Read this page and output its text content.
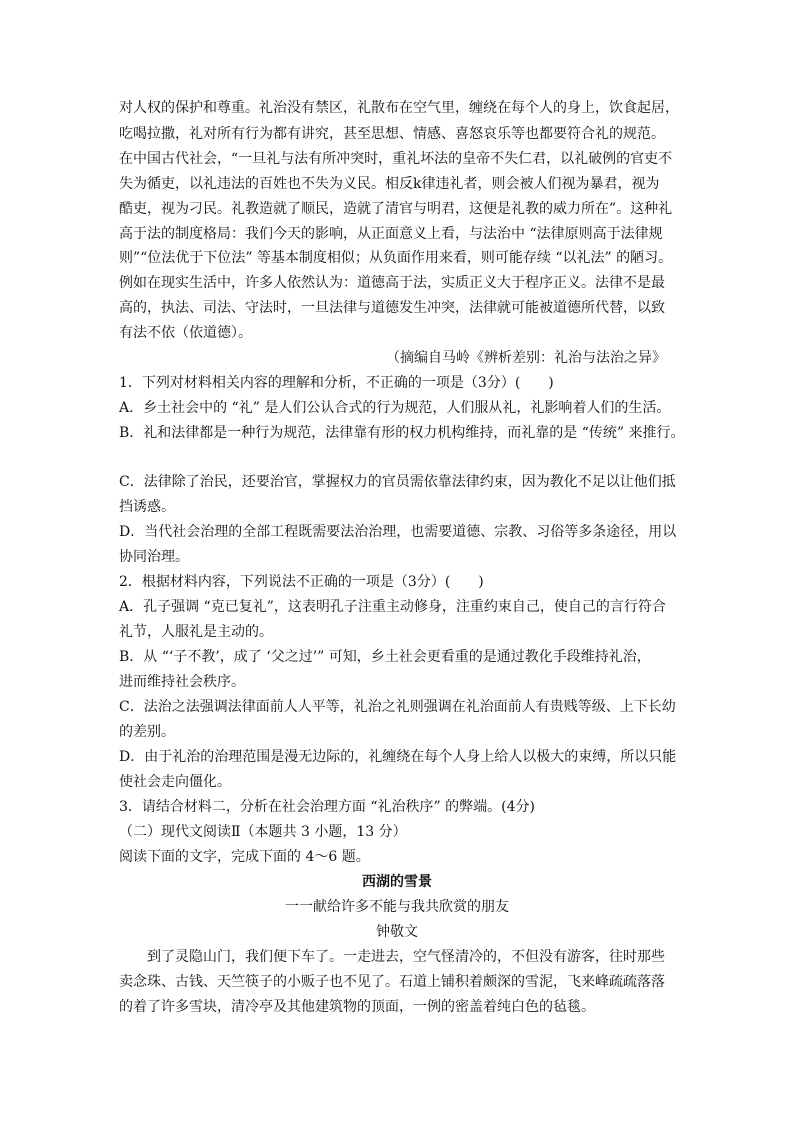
对人权的保护和尊重。礼治没有禁区，礼散布在空气里，缠绕在每个人的身上，饮食起居，
吃喝拉撒，礼对所有行为都有讲究，甚至思想、情感、喜怒哀乐等也都要符合礼的规范。
在中国古代社会，“一旦礼与法有所冲突时，重礼坏法的皇帝不失仁君，以礼破例的官吏不
失为循吏，以礼违法的百姓也不失为义民。相反k律违礼者，则会被人们视为暴君，视为
酷吏，视为刁民。礼教造就了顺民，造就了清官与明君，这便是礼教的威力所在”。这种礼
高于法的制度格局：我们今天的影响，从正面意义上看，与法治中 “法律原则高于法律规
则”“位法优于下位法” 等基本制度相似；从负面作用来看，则可能存续 “以礼法” 的陋习。
例如在现实生活中，许多人依然认为：道德高于法，实质正义大于程序正义。法律不是最
高的，执法、司法、守法时，一旦法律与道德发生冲突，法律就可能被道德所代替，以致
有法不依（依道德）。
（摘编自马岭《辨析差别：礼治与法治之异》
1．下列对材料相关内容的理解和分析，不正确的一项是（3分）(　　)
A．乡土社会中的 “礼” 是人们公认合式的行为规范，人们服从礼，礼影响着人们的生活。
B．礼和法律都是一种行为规范，法律靠有形的权力机构维持，而礼靠的是 “传统” 来推行。
C．法律除了治民，还要治官，掌握权力的官员需依靠法律约束，因为教化不足以让他们抵
挡诱惑。
D．当代社会治理的全部工程既需要法治治理，也需要道德、宗教、习俗等多条途径，用以
协同治理。
2．根据材料内容，下列说法不正确的一项是（3分）(　　)
A．孔子强调 “克已复礼”，这表明孔子注重主动修身，注重约束自己，使自己的言行符合
礼节，人服礼是主动的。
B．从 “‘子不教’，成了 ‘父之过’” 可知，乡土社会更看重的是通过教化手段维持礼治，
进而维持社会秩序。
C．法治之法强调法律面前人人平等，礼治之礼则强调在礼治面前人有贵贱等级、上下长幼
的差别。
D．由于礼治的治理范围是漫无边际的，礼缠绕在每个人身上给人以极大的束缚，所以只能
使社会走向僵化。
3．请结合材料二，分析在社会治理方面 “礼治秩序” 的弊端。(4分)
（二）现代文阅读Ⅱ（本题共 3 小题，13 分）
阅读下面的文字，完成下面的 4～6 题。
西湖的雪景
一一献给许多不能与我共欣赏的朋友
钟敬文
到了灵隐山门，我们便下车了。一走进去，空气怪清冷的，不但没有游客，往时那些
卖念珠、古钱、天竺筷子的小贩子也不见了。石道上铺积着颇深的雪泥，飞来峰疏疏落落
的着了许多雪块，清冷亭及其他建筑物的顶面，一例的密盖着纯白色的毡毯。
